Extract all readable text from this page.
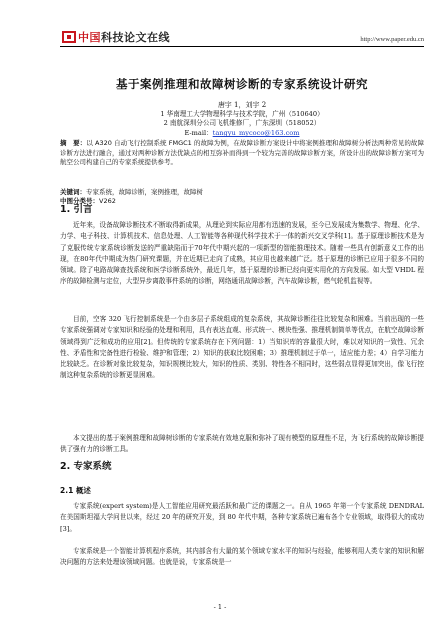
中国科技论文在线	http://www.paper.edu.cn
基于案例推理和故障树诊断的专家系统设计研究
唐宇 1，刘宇 2
1 华南理工大学物理科学与技术学院，广州（510640）
2 南航深圳分公司飞机维修厂，广东深圳（518052）
E-mail：tangyu_mycoco@163.com
摘　要：以 A320 自动飞行控制系统 FMGC1 的故障为例，在故障诊断方案设计中将案例推理和故障树分析法两种常见的故障诊断方法进行融合，通过对两种诊断方法优缺点的相互弥补而得到一个较为完善的故障诊断方案，所设计出的故障诊断方案可为航空公司构建自己的专家系统提供参考。
关键词：专家系统，故障诊断，案例推理，故障树
中图分类号：V262
1. 引言
近年来，设备故障诊断技术不断取得新成果，从理论到实际应用都有迅速的发展，至今已发展成为集数学、物理、化学、力学、电子科技、计算机技术、信息处理、人工智能等各种现代科学技术于一体的新兴交叉学科[1]。基于原理诊断技术是为了克服传统专家系统诊断发送的严重缺陷而于70年代中期兴起的一项新型的智能推理技术。随着一些具有创新意义工作的出现，在80年代中期成为热门研究课题，并在近期已走向了成熟，其应用也越来越广泛。基于原理的诊断已应用于很多不同的领域。除了电路故障查找系统和医学诊断系统外，最近几年，基于原理的诊断已经向更实用化的方向发展。如大型 VHDL 程序的故障检测与定位，大型异步离散事件系统的诊断，网络通讯故障诊断，汽车故障诊断，燃气轮机监视等。
目前，空客 320 飞行控制系统是一个由多层子系统组成的复杂系统，其故障诊断往往比较复杂和困难。当前出现的一些专家系统强调对专家知识和经验的处理和利用，具有表达直观、形式统一、模块性强、推理机制简单等优点，在航空故障诊断领域得到广泛和成功的应用[2]。但传统的专家系统存在下列问题：1）当知识库的容量很大时，难以对知识的一致性、冗余性、矛盾性和完备性进行检验、维护和管理；2）知识的获取比较困难；3）推理机制过于单一，适应能力差；4）自学习能力比较缺乏。在诊断对象比较复杂，知识规模比较大，知识的性质、类别、特性各不相同时，这些弱点显得更加突出，像飞行控制这种复杂系统的诊断更显困难。
本文提出的基于案例推理和故障树诊断的专家系统有效地克服和弥补了现有模型的原理性不足，为飞行系统的故障诊断提供了强有力的诊断工具。
2. 专家系统
2.1 概述
专家系统(expert system)是人工智能应用研究最活跃和最广泛的课题之一。自从 1965 年第一个专家系统 DENDRAL 在美国斯坦福大学问世以来，经过 20 年的研究开发，到 80 年代中期，各种专家系统已遍布各个专业领域，取得很大的成功[3]。
专家系统是一个智能计算机程序系统，其内部含有大量的某个领域专家水平的知识与经验，能够利用人类专家的知识和解决问题的方法来处理该领域问题。也就是说，专家系统是一
- 1 -
